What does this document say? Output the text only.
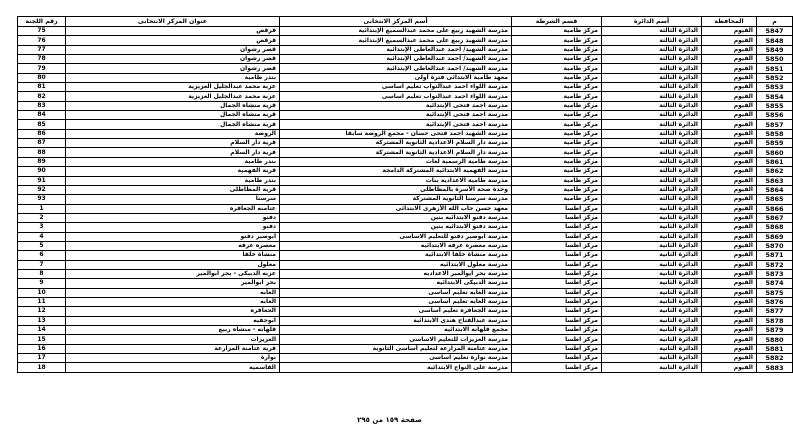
م	المحافظة	أسم الدائرة	قسم الشرطة	أسم المركز الانتخابى	عنوان المركز الانتخابى	رقم اللجنة
5847	الفيوم	الدائرة الثالثة	مركز طامية	مدرسة الشهيد ربيع على محمد عبدالسميع الإبتدائية	قرقص	75
5848	الفيوم	الدائرة الثالثة	مركز طامية	مدرسة الشهيد ربيع على محمد عبدالسميع الإبتدائية	قرقص	76
5849	الفيوم	الدائرة الثالثة	مركز طامية	مدرسة الشهيد/ احمد عبدالعاطى الإبتدائية	قصر رشوان	77
5850	الفيوم	الدائرة الثالثة	مركز طامية	مدرسة الشهيد/ احمد عبدالعاطى الإبتدائية	قصر رشوان	78
5851	الفيوم	الدائرة الثالثة	مركز طامية	مدرسة الشهيد/ احمد عبدالعاطى الإبتدائية	قصر رشوان	79
5852	الفيوم	الدائرة الثالثة	مركز طامية	معهد طامية الابتدائى فترة أولى	بندر طامية	80
5853	الفيوم	الدائرة الثالثة	مركز طامية	مدرسة اللواء احمد عبدالتواب تعليم اساسى	عزبة محمد عبدالجليل العزيزية	81
5854	الفيوم	الدائرة الثالثة	مركز طامية	مدرسة اللواء احمد عبدالتواب تعليم اساسى	عزبة محمد عبدالجليل العزيزية	82
5855	الفيوم	الدائرة الثالثة	مركز طامية	مدرسة احمد فتحى الإبتدائية	قرية منشاه الجمال	83
5856	الفيوم	الدائرة الثالثة	مركز طامية	مدرسة احمد فتحى الإبتدائية	قرية منشاه الجمال	84
5857	الفيوم	الدائرة الثالثة	مركز طامية	مدرسة احمد فتحى الإبتدائية	قرية منشاه الجمال	85
5858	الفيوم	الدائرة الثالثة	مركز طامية	مدرسة الشهيد احمد فتحى حسان - مجمع الروضة سابقا	الروضة	86
5859	الفيوم	الدائرة الثالثة	مركز طامية	مدرسة دار السلام الاعدادية الثانوية المشتركة	قرية دار السلام	87
5860	الفيوم	الدائرة الثالثة	مركز طامية	مدرسة دار السلام الاعدادية الثانوية المشتركة	قرية دار السلام	88
5861	الفيوم	الدائرة الثالثة	مركز طامية	مدرسة طامية الرسمية لغات	بندر طامية	89
5862	الفيوم	الدائرة الثالثة	مركز طامية	مدرسة الفهمية الابتدائية المشتركة الدامجة	قرية الفهمية	90
5863	الفيوم	الدائرة الثالثة	مركز طامية	مدرسة طامية الاعدادية بنات	بندر طامية	91
5864	الفيوم	الدائرة الثالثة	مركز طامية	وحدة صحة الأسرة بالمظاطلى	قرية المظاطلى	92
5865	الفيوم	الدائرة الثالثة	مركز طامية	مدرسة سرسنا الثانوية المشتركة	سرسنا	93
5866	الفيوم	الدائرة الثانية	مركز اطسا	معهد حسن جاب الله الأزهرى الابتدائى	عتامنه الجعافره	1
5867	الفيوم	الدائرة الثانية	مركز اطسا	مدرسة دفنو الابتدائيه بنين	دفنو	2
5868	الفيوم	الدائرة الثانية	مركز اطسا	مدرسة دفنو الابتدائيه بنين	دفنو	3
5869	الفيوم	الدائرة الثانية	مركز اطسا	مدرسة ابوصير دفنو للتعليم الاساسى	ابوصير دفنو	4
5870	الفيوم	الدائرة الثانية	مركز اطسا	مدرسه معصره عرفه الابتدائيه	معصره عرفه	5
5871	الفيوم	الدائرة الثانية	مركز اطسا	مدرسة منشاة خلفا الابتدائية	منشاة خلفا	6
5872	الفيوم	الدائرة الثانية	مركز اطسا	مدرسة معلول الابتدائيه	معلول	7
5873	الفيوم	الدائرة الثانية	مركز اطسا	مدرسة بحر ابوالمير الاعداديه	عزبه الدبيكى - بحر ابوالمير	8
5874	الفيوم	الدائرة الثانية	مركز اطسا	مدرسة الدبيكى الابتدائيه	بحر ابوالمير	9
5875	الفيوم	الدائرة الثانية	مركز اطسا	مدرسة الغابه تعليم أساسى	الغابه	10
5876	الفيوم	الدائرة الثانية	مركز اطسا	مدرسة الغابه تعليم أساسى	الغابه	11
5877	الفيوم	الدائرة الثانية	مركز اطسا	مدرسة الجعافره تعليم أساسى	الجعافره	12
5878	الفيوم	الدائرة الثانية	مركز اطسا	مدرسة عبدالفتاح هندى الابتدائية	ابوجفيه	13
5879	الفيوم	الدائرة الثانية	مركز اطسا	مجمع قلهانه الابتدائيه	قلهانه - منشاه ربيع	14
5880	الفيوم	الدائرة الثانية	مركز اطسا	مدرسة العزيزات للتعليم الاساسى	العزيزات	15
5881	الفيوم	الدائرة الثانية	مركز اطسا	مدرسة عتامنة المزارعة لتعليم أساسى الثانوية	قرية عتامنة المزارعة	16
5882	الفيوم	الدائرة الثانية	مركز اطسا	مدرسة نوارة تعليم اساسى	نوارة	17
5883	الفيوم	الدائرة الثانية	مركز اطسا	مدرسة على النواج الابتدائية	القاسميه	18
صفحة ١٥٩ من ٢٩٥
